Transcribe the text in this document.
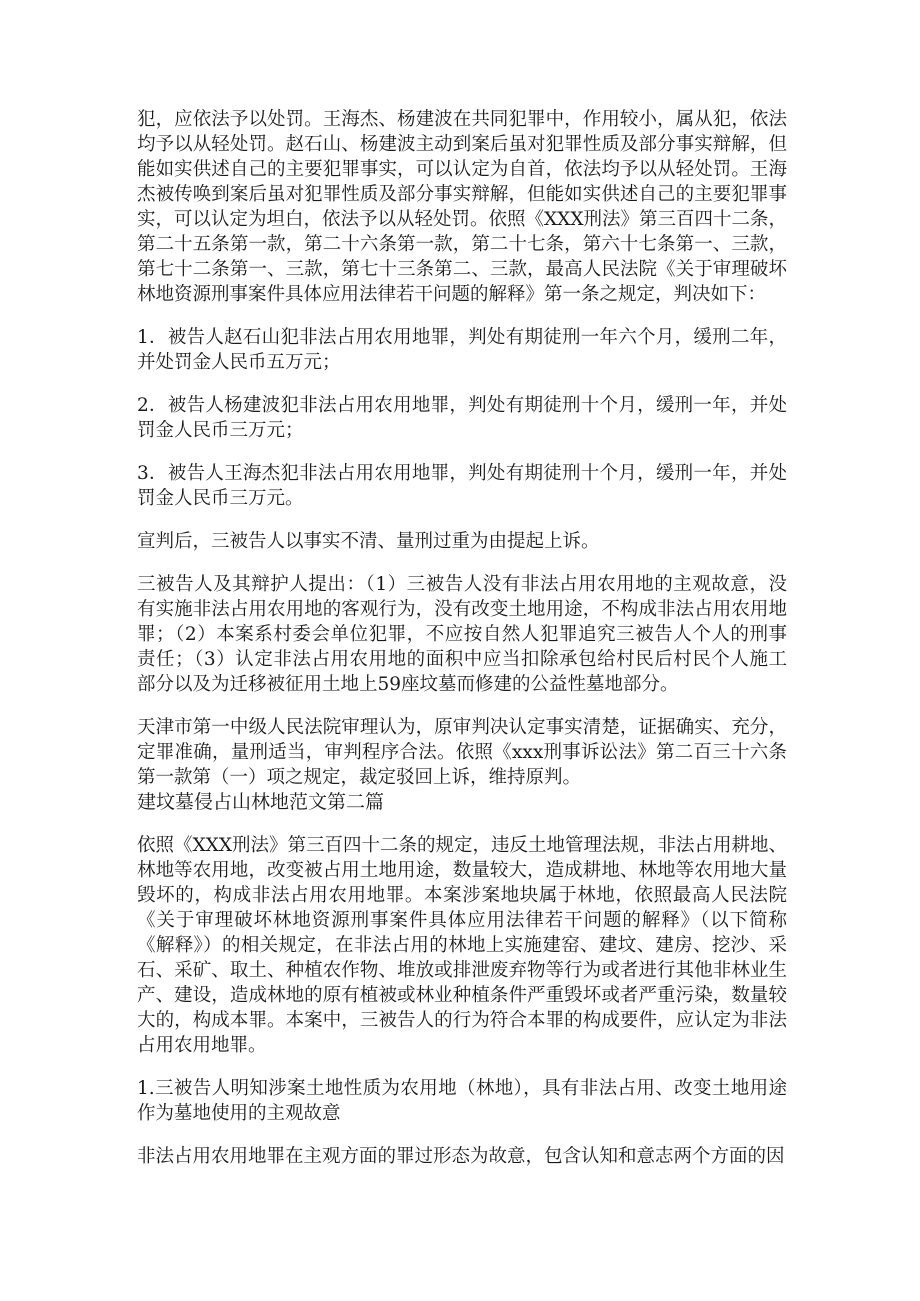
犯，应依法予以处罚。王海杰、杨建波在共同犯罪中，作用较小，属从犯，依法均予以从轻处罚。赵石山、杨建波主动到案后虽对犯罪性质及部分事实辩解，但能如实供述自己的主要犯罪事实，可以认定为自首，依法均予以从轻处罚。王海杰被传唤到案后虽对犯罪性质及部分事实辩解，但能如实供述自己的主要犯罪事实，可以认定为坦白，依法予以从轻处罚。依照《XXX刑法》第三百四十二条，第二十五条第一款，第二十六条第一款，第二十七条，第六十七条第一、三款，第七十二条第一、三款，第七十三条第二、三款，最高人民法院《关于审理破坏林地资源刑事案件具体应用法律若干问题的解释》第一条之规定，判决如下：

1．被告人赵石山犯非法占用农用地罪，判处有期徒刑一年六个月，缓刑二年，并处罚金人民币五万元；

2．被告人杨建波犯非法占用农用地罪，判处有期徒刑十个月，缓刑一年，并处罚金人民币三万元；

3．被告人王海杰犯非法占用农用地罪，判处有期徒刑十个月，缓刑一年，并处罚金人民币三万元。

宣判后，三被告人以事实不清、量刑过重为由提起上诉。

三被告人及其辩护人提出：（1）三被告人没有非法占用农用地的主观故意，没有实施非法占用农用地的客观行为，没有改变土地用途，不构成非法占用农用地罪；（2）本案系村委会单位犯罪，不应按自然人犯罪追究三被告人个人的刑事责任；（3）认定非法占用农用地的面积中应当扣除承包给村民后村民个人施工部分以及为迁移被征用土地上59座坟墓而修建的公益性墓地部分。

天津市第一中级人民法院审理认为，原审判决认定事实清楚，证据确实、充分，定罪准确，量刑适当，审判程序合法。依照《xxx刑事诉讼法》第二百三十六条第一款第（一）项之规定，裁定驳回上诉，维持原判。

建坟墓侵占山林地范文第二篇

依照《XXX刑法》第三百四十二条的规定，违反土地管理法规，非法占用耕地、林地等农用地，改变被占用土地用途，数量较大，造成耕地、林地等农用地大量毁坏的，构成非法占用农用地罪。本案涉案地块属于林地，依照最高人民法院《关于审理破坏林地资源刑事案件具体应用法律若干问题的解释》（以下简称《解释》）的相关规定，在非法占用的林地上实施建窑、建坟、建房、挖沙、采石、采矿、取土、种植农作物、堆放或排泄废弃物等行为或者进行其他非林业生产、建设，造成林地的原有植被或林业种植条件严重毁坏或者严重污染，数量较大的，构成本罪。本案中，三被告人的行为符合本罪的构成要件，应认定为非法占用农用地罪。

1.三被告人明知涉案土地性质为农用地（林地），具有非法占用、改变土地用途作为墓地使用的主观故意

非法占用农用地罪在主观方面的罪过形态为故意，包含认知和意志两个方面的因
